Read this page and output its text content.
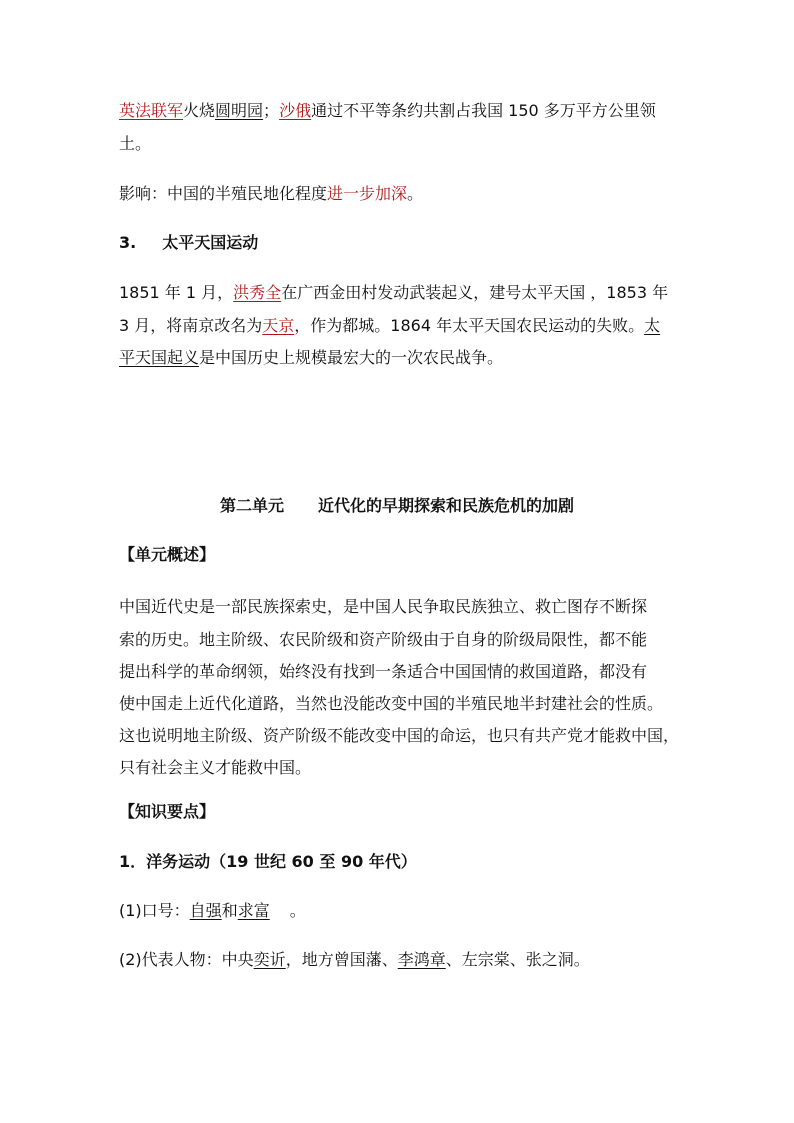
英法联军火烧圆明园；沙俄通过不平等条约共割占我国 150 多万平方公里领
土。
影响：中国的半殖民地化程度进一步加深。
3. 太平天国运动
1851 年 1 月，洪秀全在广西金田村发动武装起义，建号太平天国 ，1853 年
3 月，将南京改名为天京，作为都城。1864 年太平天国农民运动的失败。太
平天国起义是中国历史上规模最宏大的一次农民战争。
第二单元 近代化的早期探索和民族危机的加剧
【单元概述】
中国近代史是一部民族探索史，是中国人民争取民族独立、救亡图存不断探
索的历史。地主阶级、农民阶级和资产阶级由于自身的阶级局限性，都不能
提出科学的革命纲领，始终没有找到一条适合中国国情的救国道路，都没有
使中国走上近代化道路，当然也没能改变中国的半殖民地半封建社会的性质。
这也说明地主阶级、资产阶级不能改变中国的命运，也只有共产党才能救中国，
只有社会主义才能救中国。
【知识要点】
1．洋务运动（19 世纪 60 至 90 年代）
(1)口号：自强和求富 。
(2)代表人物：中央奕䜣，地方曾国藩、李鸿章、左宗棠、张之洞。
